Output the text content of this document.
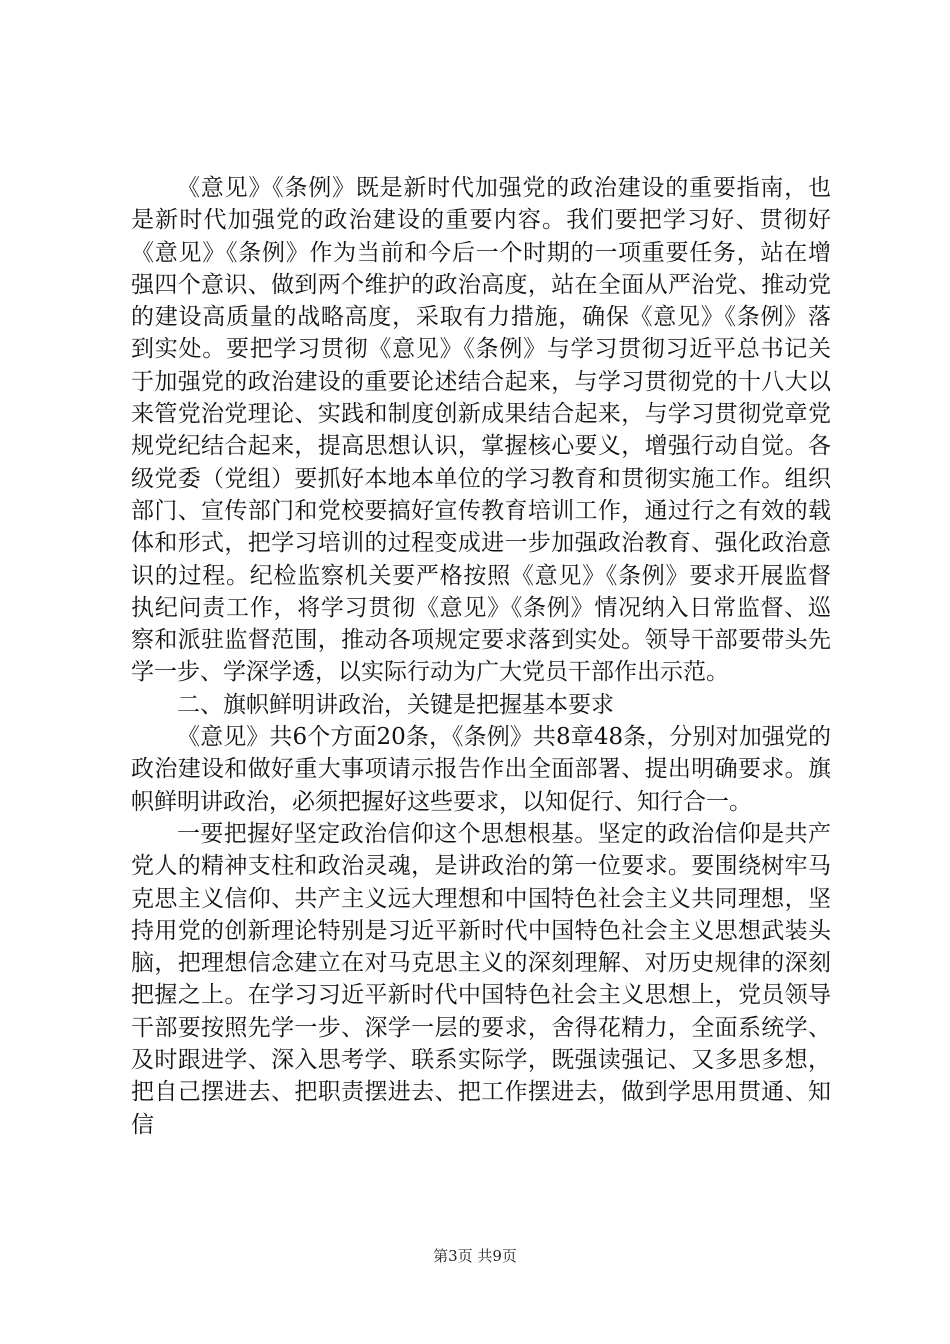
《意见》《条例》既是新时代加强党的政治建设的重要指南，也是新时代加强党的政治建设的重要内容。我们要把学习好、贯彻好《意见》《条例》作为当前和今后一个时期的一项重要任务，站在增强四个意识、做到两个维护的政治高度，站在全面从严治党、推动党的建设高质量的战略高度，采取有力措施，确保《意见》《条例》落到实处。要把学习贯彻《意见》《条例》与学习贯彻习近平总书记关于加强党的政治建设的重要论述结合起来，与学习贯彻党的十八大以来管党治党理论、实践和制度创新成果结合起来，与学习贯彻党章党规党纪结合起来，提高思想认识，掌握核心要义，增强行动自觉。各级党委（党组）要抓好本地本单位的学习教育和贯彻实施工作。组织部门、宣传部门和党校要搞好宣传教育培训工作，通过行之有效的载体和形式，把学习培训的过程变成进一步加强政治教育、强化政治意识的过程。纪检监察机关要严格按照《意见》《条例》要求开展监督执纪问责工作，将学习贯彻《意见》《条例》情况纳入日常监督、巡察和派驻监督范围，推动各项规定要求落到实处。领导干部要带头先学一步、学深学透，以实际行动为广大党员干部作出示范。

二、旗帜鲜明讲政治，关键是把握基本要求

《意见》共6个方面20条，《条例》共8章48条，分别对加强党的政治建设和做好重大事项请示报告作出全面部署、提出明确要求。旗帜鲜明讲政治，必须把握好这些要求，以知促行、知行合一。

一要把握好坚定政治信仰这个思想根基。坚定的政治信仰是共产党人的精神支柱和政治灵魂，是讲政治的第一位要求。要围绕树牢马克思主义信仰、共产主义远大理想和中国特色社会主义共同理想，坚持用党的创新理论特别是习近平新时代中国特色社会主义思想武装头脑，把理想信念建立在对马克思主义的深刻理解、对历史规律的深刻把握之上。在学习习近平新时代中国特色社会主义思想上，党员领导干部要按照先学一步、深学一层的要求，舍得花精力，全面系统学、及时跟进学、深入思考学、联系实际学，既强读强记、又多思多想，把自己摆进去、把职责摆进去、把工作摆进去，做到学思用贯通、知信

第3页 共9页
